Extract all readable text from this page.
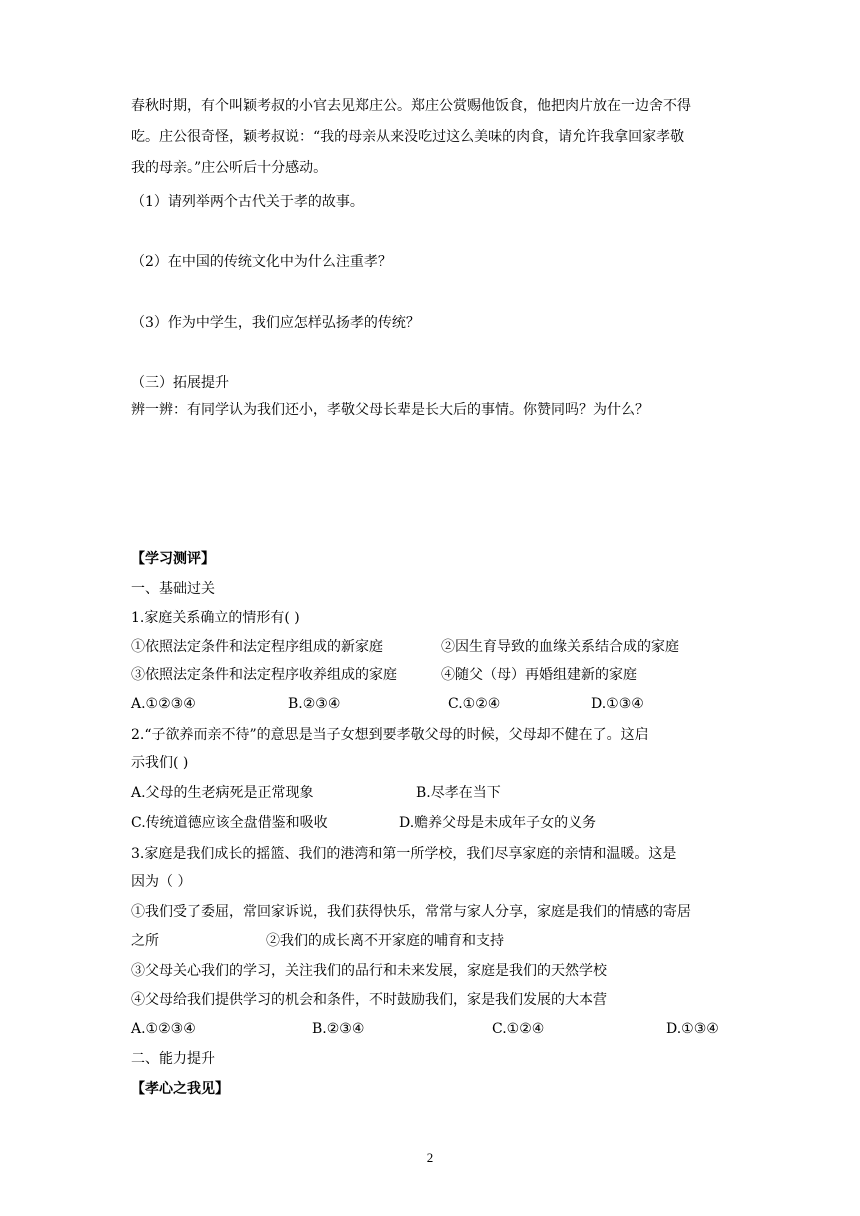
春秋时期，有个叫颖考叔的小官去见郑庄公。郑庄公赏赐他饭食，他把肉片放在一边舍不得
吃。庄公很奇怪，颖考叔说：“我的母亲从来没吃过这么美味的肉食，请允许我拿回家孝敬
我的母亲。”庄公听后十分感动。
（1）请列举两个古代关于孝的故事。
（2）在中国的传统文化中为什么注重孝？
（3）作为中学生，我们应怎样弘扬孝的传统？
（三）拓展提升
辨一辨：有同学认为我们还小，孝敬父母长辈是长大后的事情。你赞同吗？为什么？
【学习测评】
一、基础过关
1.家庭关系确立的情形有( )
①依照法定条件和法定程序组成的新家庭	②因生育导致的血缘关系结合成的家庭
③依照法定条件和法定程序收养组成的家庭	④随父（母）再婚组建新的家庭
A.①②③④	B.②③④	C.①②④	D.①③④
2.“子欲养而亲不待”的意思是当子女想到要孝敬父母的时候，父母却不健在了。这启
示我们( )
A.父母的生老病死是正常现象	B.尽孝在当下
C.传统道德应该全盘借鉴和吸收	D.赡养父母是未成年子女的义务
3.家庭是我们成长的摇篮、我们的港湾和第一所学校，我们尽享家庭的亲情和温暖。这是
因为（ ）
①我们受了委屈，常回家诉说，我们获得快乐，常常与家人分享，家庭是我们的情感的寄居
之所	②我们的成长离不开家庭的哺育和支持
③父母关心我们的学习，关注我们的品行和未来发展，家庭是我们的天然学校
④父母给我们提供学习的机会和条件，不时鼓励我们，家是我们发展的大本营
A.①②③④	B.②③④	C.①②④	D.①③④
二、能力提升
【孝心之我见】
2
